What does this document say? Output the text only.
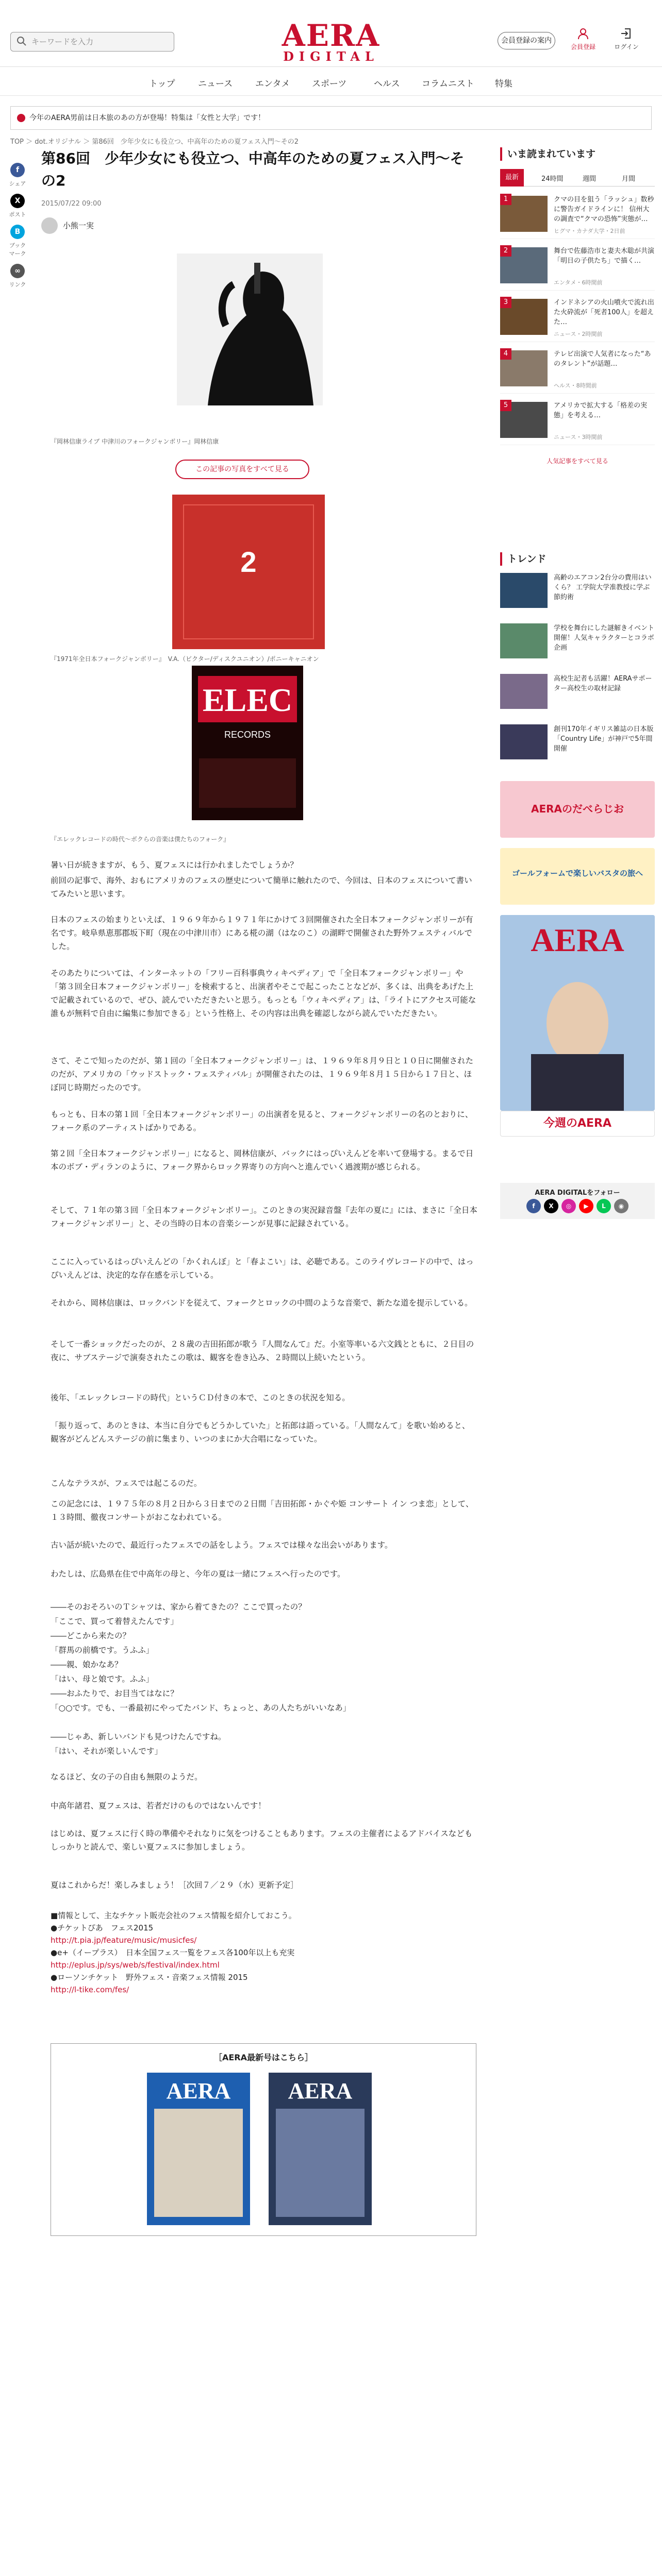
キーワードを入力	AERA
DIGITAL
会員登録の案内
会員登録	ログイン
トップ	ニュース	エンタメ	スポーツ	ヘルス	コラムニスト 特集
今年のAERA男前は日本旅のあの方が登場！特集は「女性と大学」です！
TOP ＞ dot.オリジナル ＞ 第86回　少年少女にも役立つ、中高年のための夏フェス入門〜その2
f
シェア
X
ポスト
B
ブックマーク
∞
リンク
第86回　少年少女にも役立つ、中高年のための夏フェス入門〜その2
2015/07/22 09:00
小熊一実
『岡林信康ライブ 中津川のフォークジャンボリー』岡林信康
この記事の写真をすべて見る
2
『1971年全日本フォークジャンボリー』　V.A.（ビクター/ディスクユニオン）/ポニーキャニオン
ELEC
RECORDS
『エレックレコードの時代〜ボクらの音楽は僕たちのフォーク』

暑い日が続きますが、もう、夏フェスには行かれましたでしょうか？

前回の記事で、海外、おもにアメリカのフェスの歴史について簡単に触れたので、今回は、日本のフェスについて書いてみたいと思います。

日本のフェスの始まりといえば、１９６９年から１９７１年にかけて３回開催された全日本フォークジャンボリーが有名です。岐阜県恵那郡坂下町（現在の中津川市）にある椛の湖（はなのこ）の湖畔で開催された野外フェスティバルでした。

そのあたりについては、インターネットの「フリー百科事典ウィキペディア」で「全日本フォークジャンボリー」や「第３回全日本フォークジャンボリー」を検索すると、出演者やそこで起こったことなどが、多くは、出典をあげた上で記載されているので、ぜひ、読んでいただきたいと思う。もっとも「ウィキペディア」は、「ライトにアクセス可能な誰もが無料で自由に編集に参加できる」という性格上、その内容は出典を確認しながら読んでいただきたい。

さて、そこで知ったのだが、第１回の「全日本フォークジャンボリー」は、１９６９年８月９日と１０日に開催されたのだが、アメリカの「ウッドストック・フェスティバル」が開催されたのは、１９６９年８月１５日から１７日と、ほぼ同じ時期だったのです。

もっとも、日本の第１回「全日本フォークジャンボリー」の出演者を見ると、フォークジャンボリーの名のとおりに、フォーク系のアーティストばかりである。

第２回「全日本フォークジャンボリー」になると、岡林信康が、バックにはっぴいえんどを率いて登場する。まるで日本のボブ・ディランのように、フォーク界からロック界寄りの方向へと進んでいく過渡期が感じられる。

そして、７１年の第３回「全日本フォークジャンボリー」。このときの実況録音盤『去年の夏に』には、まさに「全日本フォークジャンボリー」と、その当時の日本の音楽シーンが見事に記録されている。

ここに入っているはっぴいえんどの「かくれんぼ」と「春よこい」は、必聴である。このライヴレコードの中で、はっぴいえんどは、決定的な存在感を示している。

それから、岡林信康は、ロックバンドを従えて、フォークとロックの中間のような音楽で、新たな道を提示している。

そして一番ショックだったのが、２８歳の吉田拓郎が歌う『人間なんて』だ。小室等率いる六文銭とともに、２日目の夜に、サブステージで演奏されたこの歌は、観客を巻き込み、２時間以上続いたという。

後年、「エレックレコードの時代」というＣＤ付きの本で、このときの状況を知る。

「振り返って、あのときは、本当に自分でもどうかしていた」と拓郎は語っている。「人間なんて」を歌い始めると、観客がどんどんステージの前に集まり、いつのまにか大合唱になっていた。

こんなテラスが、フェスでは起こるのだ。

この記念には、１９７５年の８月２日から３日までの２日間「吉田拓郎・かぐや姫 コンサート イン つま恋」として、１３時間、徹夜コンサートがおこなわれている。

古い話が続いたので、最近行ったフェスでの話をしよう。フェスでは様々な出会いがあります。

わたしは、広島県在住で中高年の母と、今年の夏は一緒にフェスへ行ったのです。

――そのおそろいのＴシャツは、家から着てきたの？ここで買ったの？

「ここで、買って着替えたんです」

――どこから来たの？

「群馬の前橋です。うふふ」

――親、娘かなあ？

「はい、母と娘です。ふふ」

――おふたりで、お目当てはなに？

「○○です。でも、一番最初にやってたバンド、ちょっと、あの人たちがいいなあ」

――じゃあ、新しいバンドも見つけたんですね。

「はい、それが楽しいんです」

なるほど、女の子の自由も無限のようだ。

中高年諸君、夏フェスは、若者だけのものではないんです！

はじめは、夏フェスに行く時の準備やそれなりに気をつけることもあります。フェスの主催者によるアドバイスなどもしっかりと読んで、楽しい夏フェスに参加しましょう。

夏はこれからだ！楽しみましょう！［次回７／２９（水）更新予定］

■情報として、主なチケット販売会社のフェス情報を紹介しておこう。
●チケットぴあ　フェス2015
http://t.pia.jp/feature/music/musicfes/
●e+（イープラス）　日本全国フェス一覧をフェス各100年以上も充実
http://eplus.jp/sys/web/s/festival/index.html
●ローソンチケット　野外フェス・音楽フェス情報 2015
http://l-tike.com/fes/
［AERA最新号はこちら］
AERA	AERA
いま読まれています
最新	24時間	週間	月間
1	クマの目を狙う「ラッシュ」数秒に警告ガイドラインに！ 信州大の調査で“クマの恐怖”実態が…
ヒグマ・カナダ大学・2日前
2	舞台で佐藤浩市と妻夫木聡が共演「明日の子供たち」で描く…
エンタメ・6時間前
3	インドネシアの火山噴火で流れ出た火砕流が「死者100人」を超えた…
ニュース・2時間前
4	テレビ出演で人気者になった“あのタレント”が話題…
ヘルス・8時間前
5	アメリカで拡大する「格差の実態」を考える…
ニュース・3時間前
人気記事をすべて見る
トレンド
高齢のエアコン2台分の費用はいくら？ 工学院大学准教授に学ぶ節約術
学校を舞台にした謎解きイベント開催！人気キャラクターとコラボ企画
高校生記者も活躍！AERAサポーター高校生の取材記録
創刊170年イギリス雑誌の日本版「Country Life」が神戸で5年間開催
AERAのだべらじお
ゴールフォームで楽しいバスタの旅へ
AERA
今週のAERA
AERA DIGITALをフォロー
f X ◎ ▶ L ◉
